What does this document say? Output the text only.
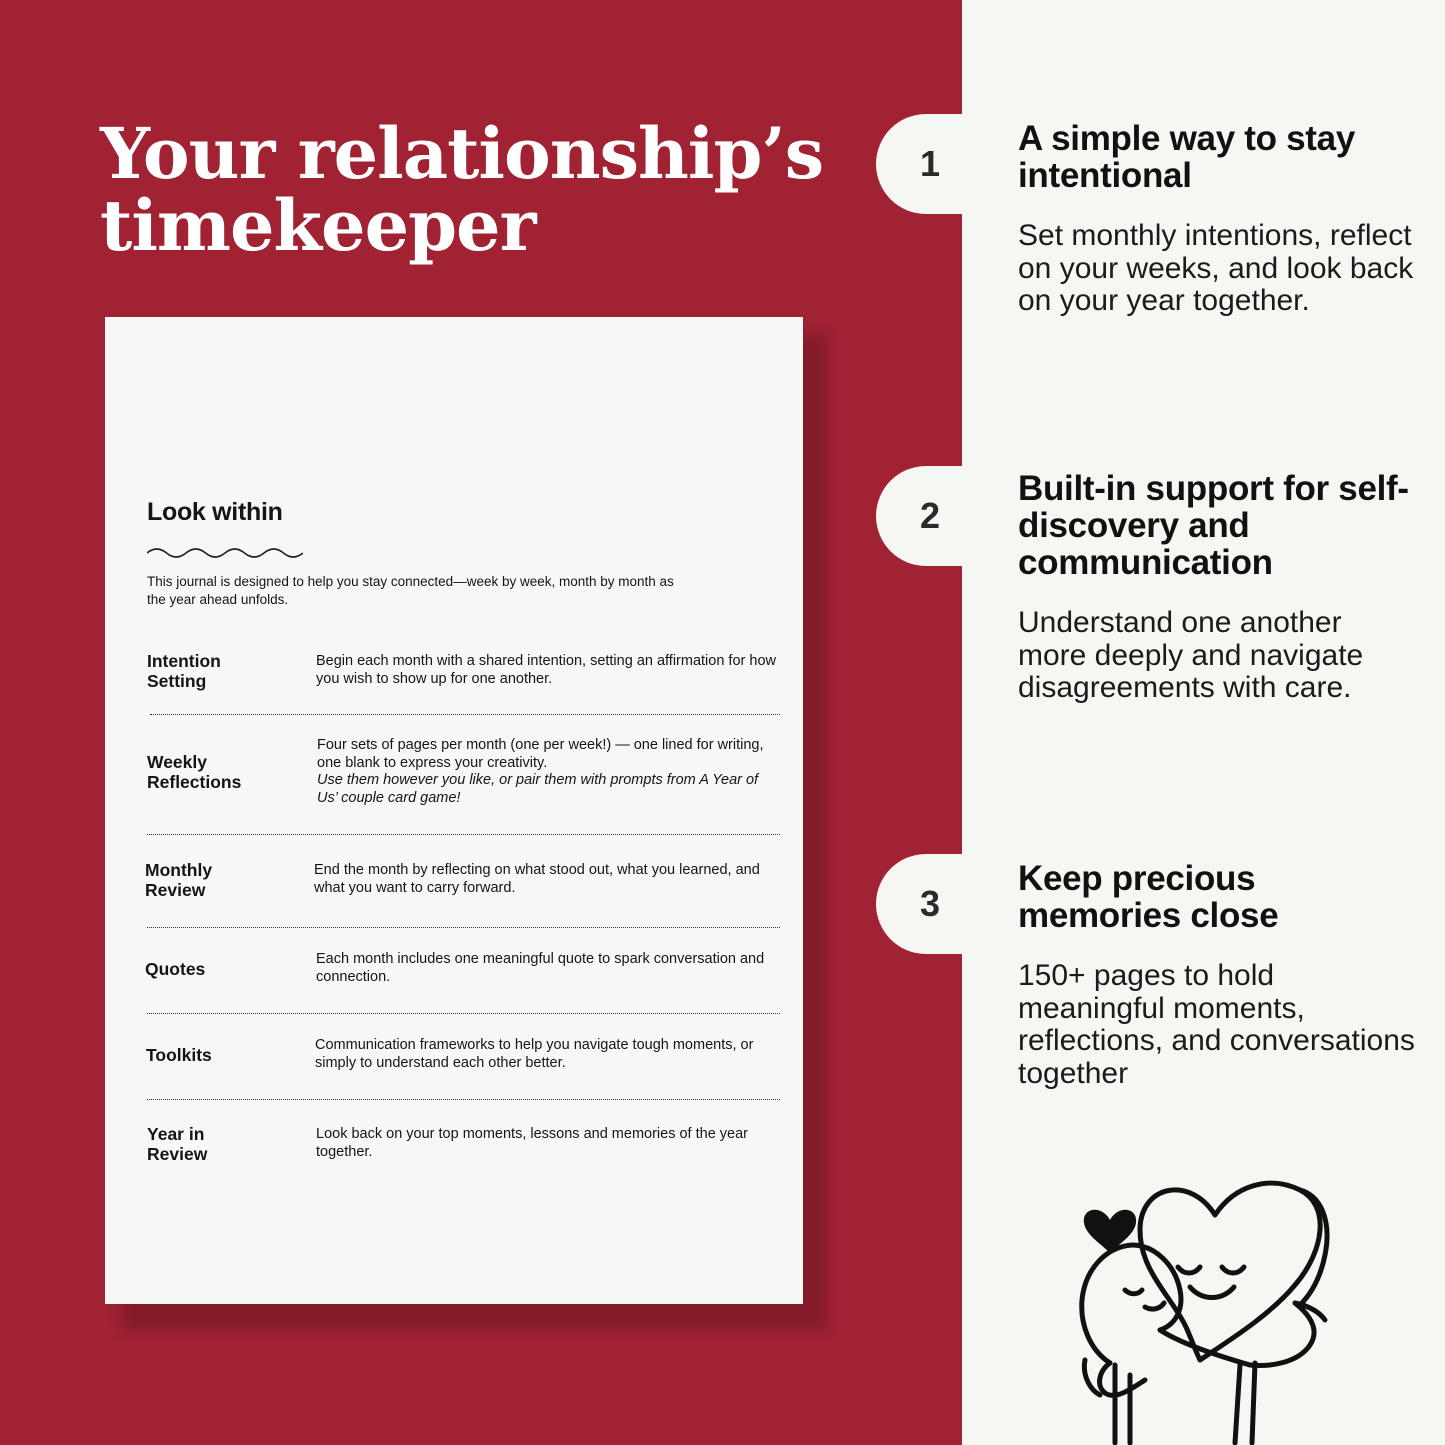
Your relationship’s
timekeeper
Look within
This journal is designed to help you stay connected—week by week, month by month as the year ahead unfolds.
Intention
Setting
Begin each month with a shared intention, setting an affirmation for how you wish to show up for one another.
Weekly
Reflections
Four sets of pages per month (one per week!) — one lined for writing, one blank to express your creativity.
Use them however you like, or pair them with prompts from A Year of Us’ couple card game!
Monthly
Review
End the month by reflecting on what stood out, what you learned, and what you want to carry forward.
Quotes	Each month includes one meaningful quote to spark conversation and connection.
Toolkits	Communication frameworks to help you navigate tough moments, or simply to understand each other better.
Year in
Review
Look back on your top moments, lessons and memories of the year together.
1
2
3
A simple way to stay intentional

Set monthly intentions, reflect on your weeks, and look back on your year together.

Built-in support for self-discovery and communication

Understand one another more deeply and navigate disagreements with care.

Keep precious memories close

150+ pages to hold meaningful moments, reflections, and conversations together
